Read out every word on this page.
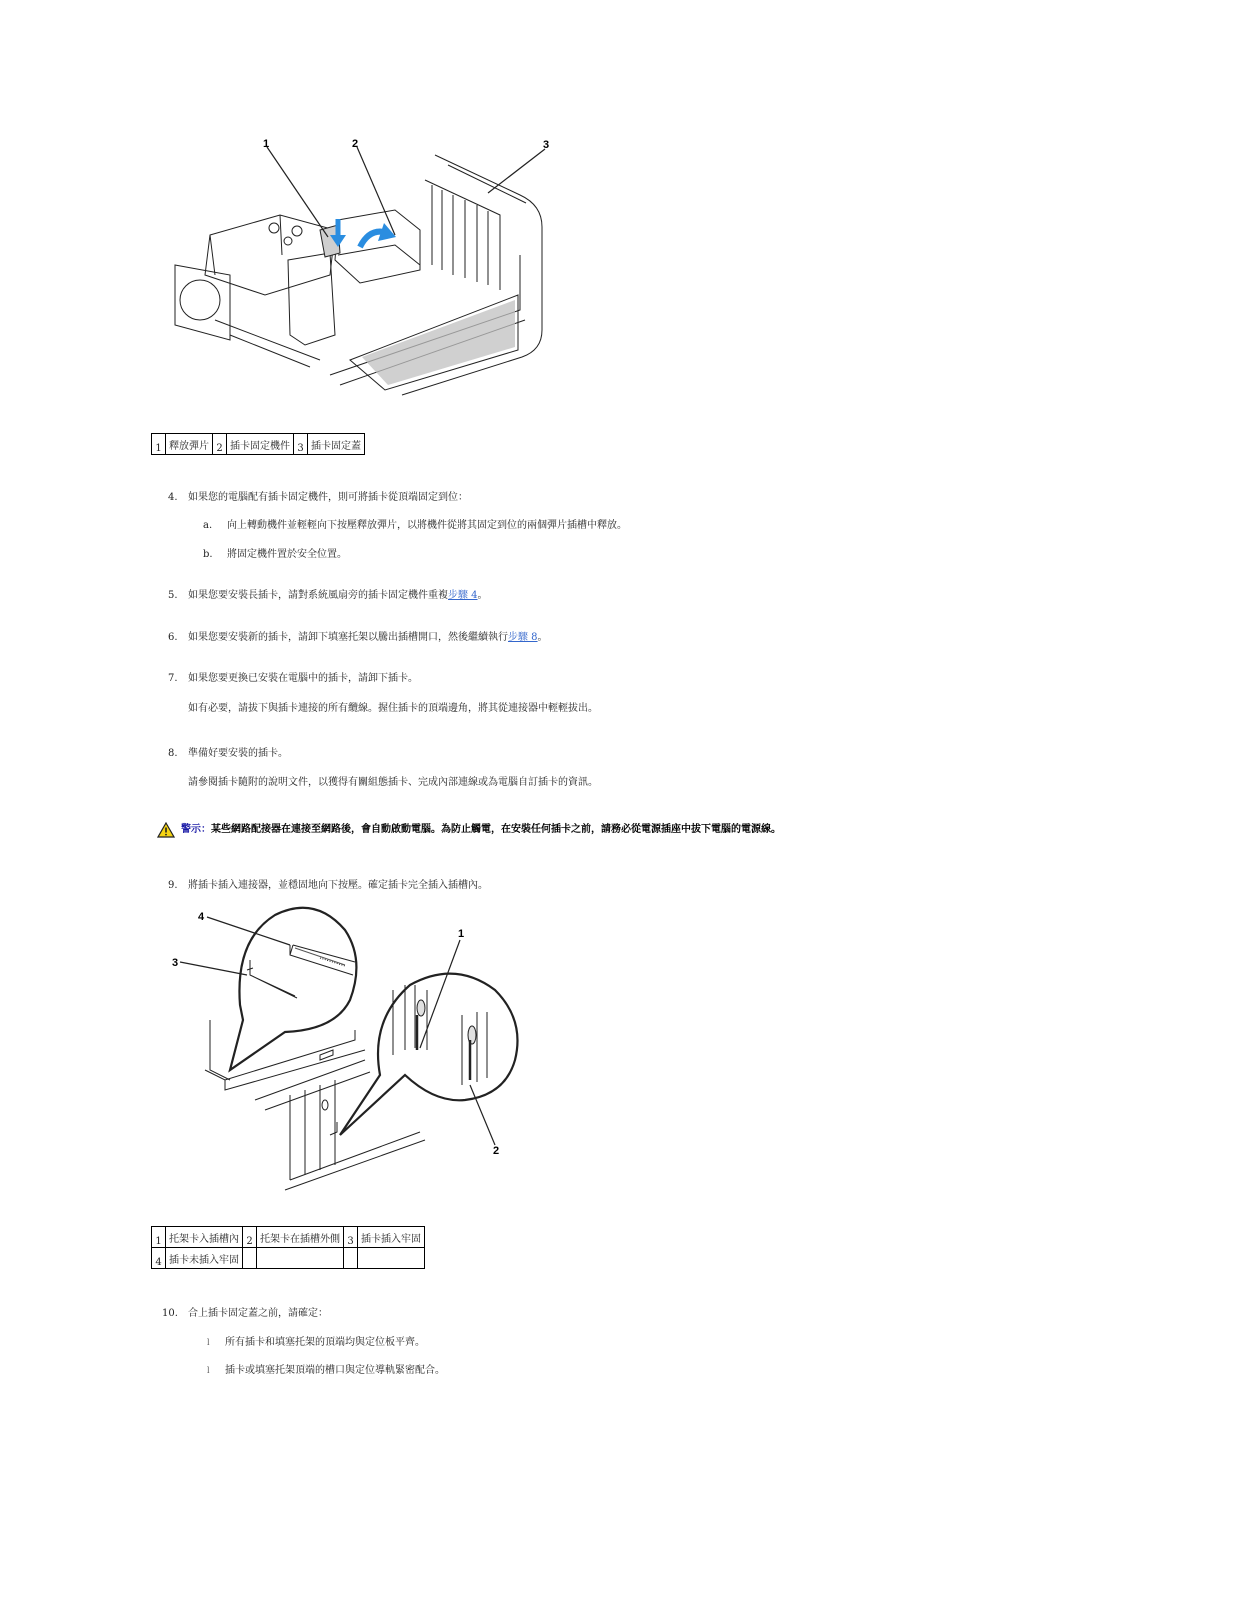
1	2	3
1	釋放彈片	2	插卡固定機件	3	插卡固定蓋
4. 如果您的電腦配有插卡固定機件，則可將插卡從頂端固定到位：
a. 向上轉動機件並輕輕向下按壓釋放彈片，以將機件從將其固定到位的兩個彈片插槽中釋放。
b. 將固定機件置於安全位置。
5. 如果您要安裝長插卡，請對系統風扇旁的插卡固定機件重複步驟 4。
6. 如果您要安裝新的插卡，請卸下填塞托架以騰出插槽開口，然後繼續執行步驟 8。
7. 如果您要更換已安裝在電腦中的插卡，請卸下插卡。
如有必要，請拔下與插卡連接的所有纜線。握住插卡的頂端邊角，將其從連接器中輕輕拔出。
8. 準備好要安裝的插卡。
請參閱插卡隨附的說明文件，以獲得有關組態插卡、完成內部連線或為電腦自訂插卡的資訊。
警示：某些網路配接器在連接至網路後，會自動啟動電腦。為防止觸電，在安裝任何插卡之前，請務必從電源插座中拔下電腦的電源線。
9. 將插卡插入連接器，並穩固地向下按壓。確定插卡完全插入插槽內。
4
3
1
2
1	托架卡入插槽內	2	托架卡在插槽外側	3	插卡插入牢固
4	插卡未插入牢固				
10. 合上插卡固定蓋之前，請確定：
l 所有插卡和填塞托架的頂端均與定位板平齊。
l 插卡或填塞托架頂端的槽口與定位導軌緊密配合。
